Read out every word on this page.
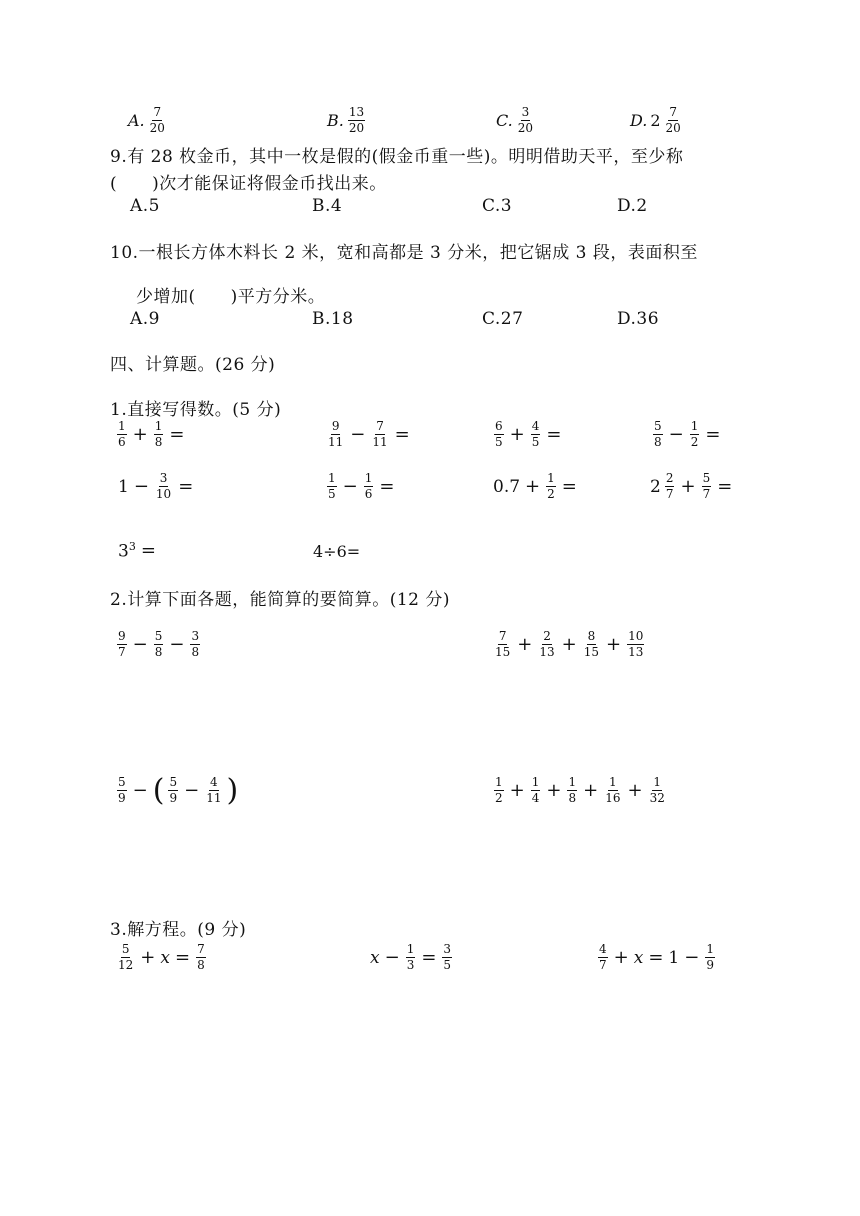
A. $\frac{7}{20}$	B. $\frac{13}{20}$	C. $\frac{3}{20}$	D. $2 \frac{7}{20}$
9.有 28 枚金币，其中一枚是假的(假金币重一些)。明明借助天平，至少称
(　　)次才能保证将假金币找出来。
A.5	B.4	C.3	D.2
10.一根长方体木料长 2 米，宽和高都是 3 分米，把它锯成 3 段，表面积至
少增加(　　)平方分米。
A.9	B.18	C.27	D.36
四、计算题。(26 分)
1.直接写得数。(5 分)
$\frac{1}{6} + \frac{1}{8}$ =	$\frac{9}{11} - \frac{7}{11}$ =	$\frac{6}{5} + \frac{4}{5}$ =	$\frac{5}{8} - \frac{1}{2}$ =
$1 - \frac{3}{10}$ =	$\frac{1}{5} - \frac{1}{6}$ =	$0.7 + \frac{1}{2}$ =	$2 \frac{2}{7} + \frac{5}{7}$ =
$3^3$ =	4÷6=
2.计算下面各题，能简算的要简算。(12 分)
$\frac{9}{7} - \frac{5}{8} - \frac{3}{8}$	$\frac{7}{15} + \frac{2}{13} + \frac{8}{15} + \frac{10}{13}$
$\frac{5}{9}$ − ( $\frac{5}{9} - \frac{4}{11}$ )	$\frac{1}{2} + \frac{1}{4} + \frac{1}{8} + \frac{1}{16} + \frac{1}{32}$
3.解方程。(9 分)
$\frac{5}{12} + x = \frac{7}{8}$	$x - \frac{1}{3} = \frac{3}{5}$	$\frac{4}{7} + x = 1 - \frac{1}{9}$
